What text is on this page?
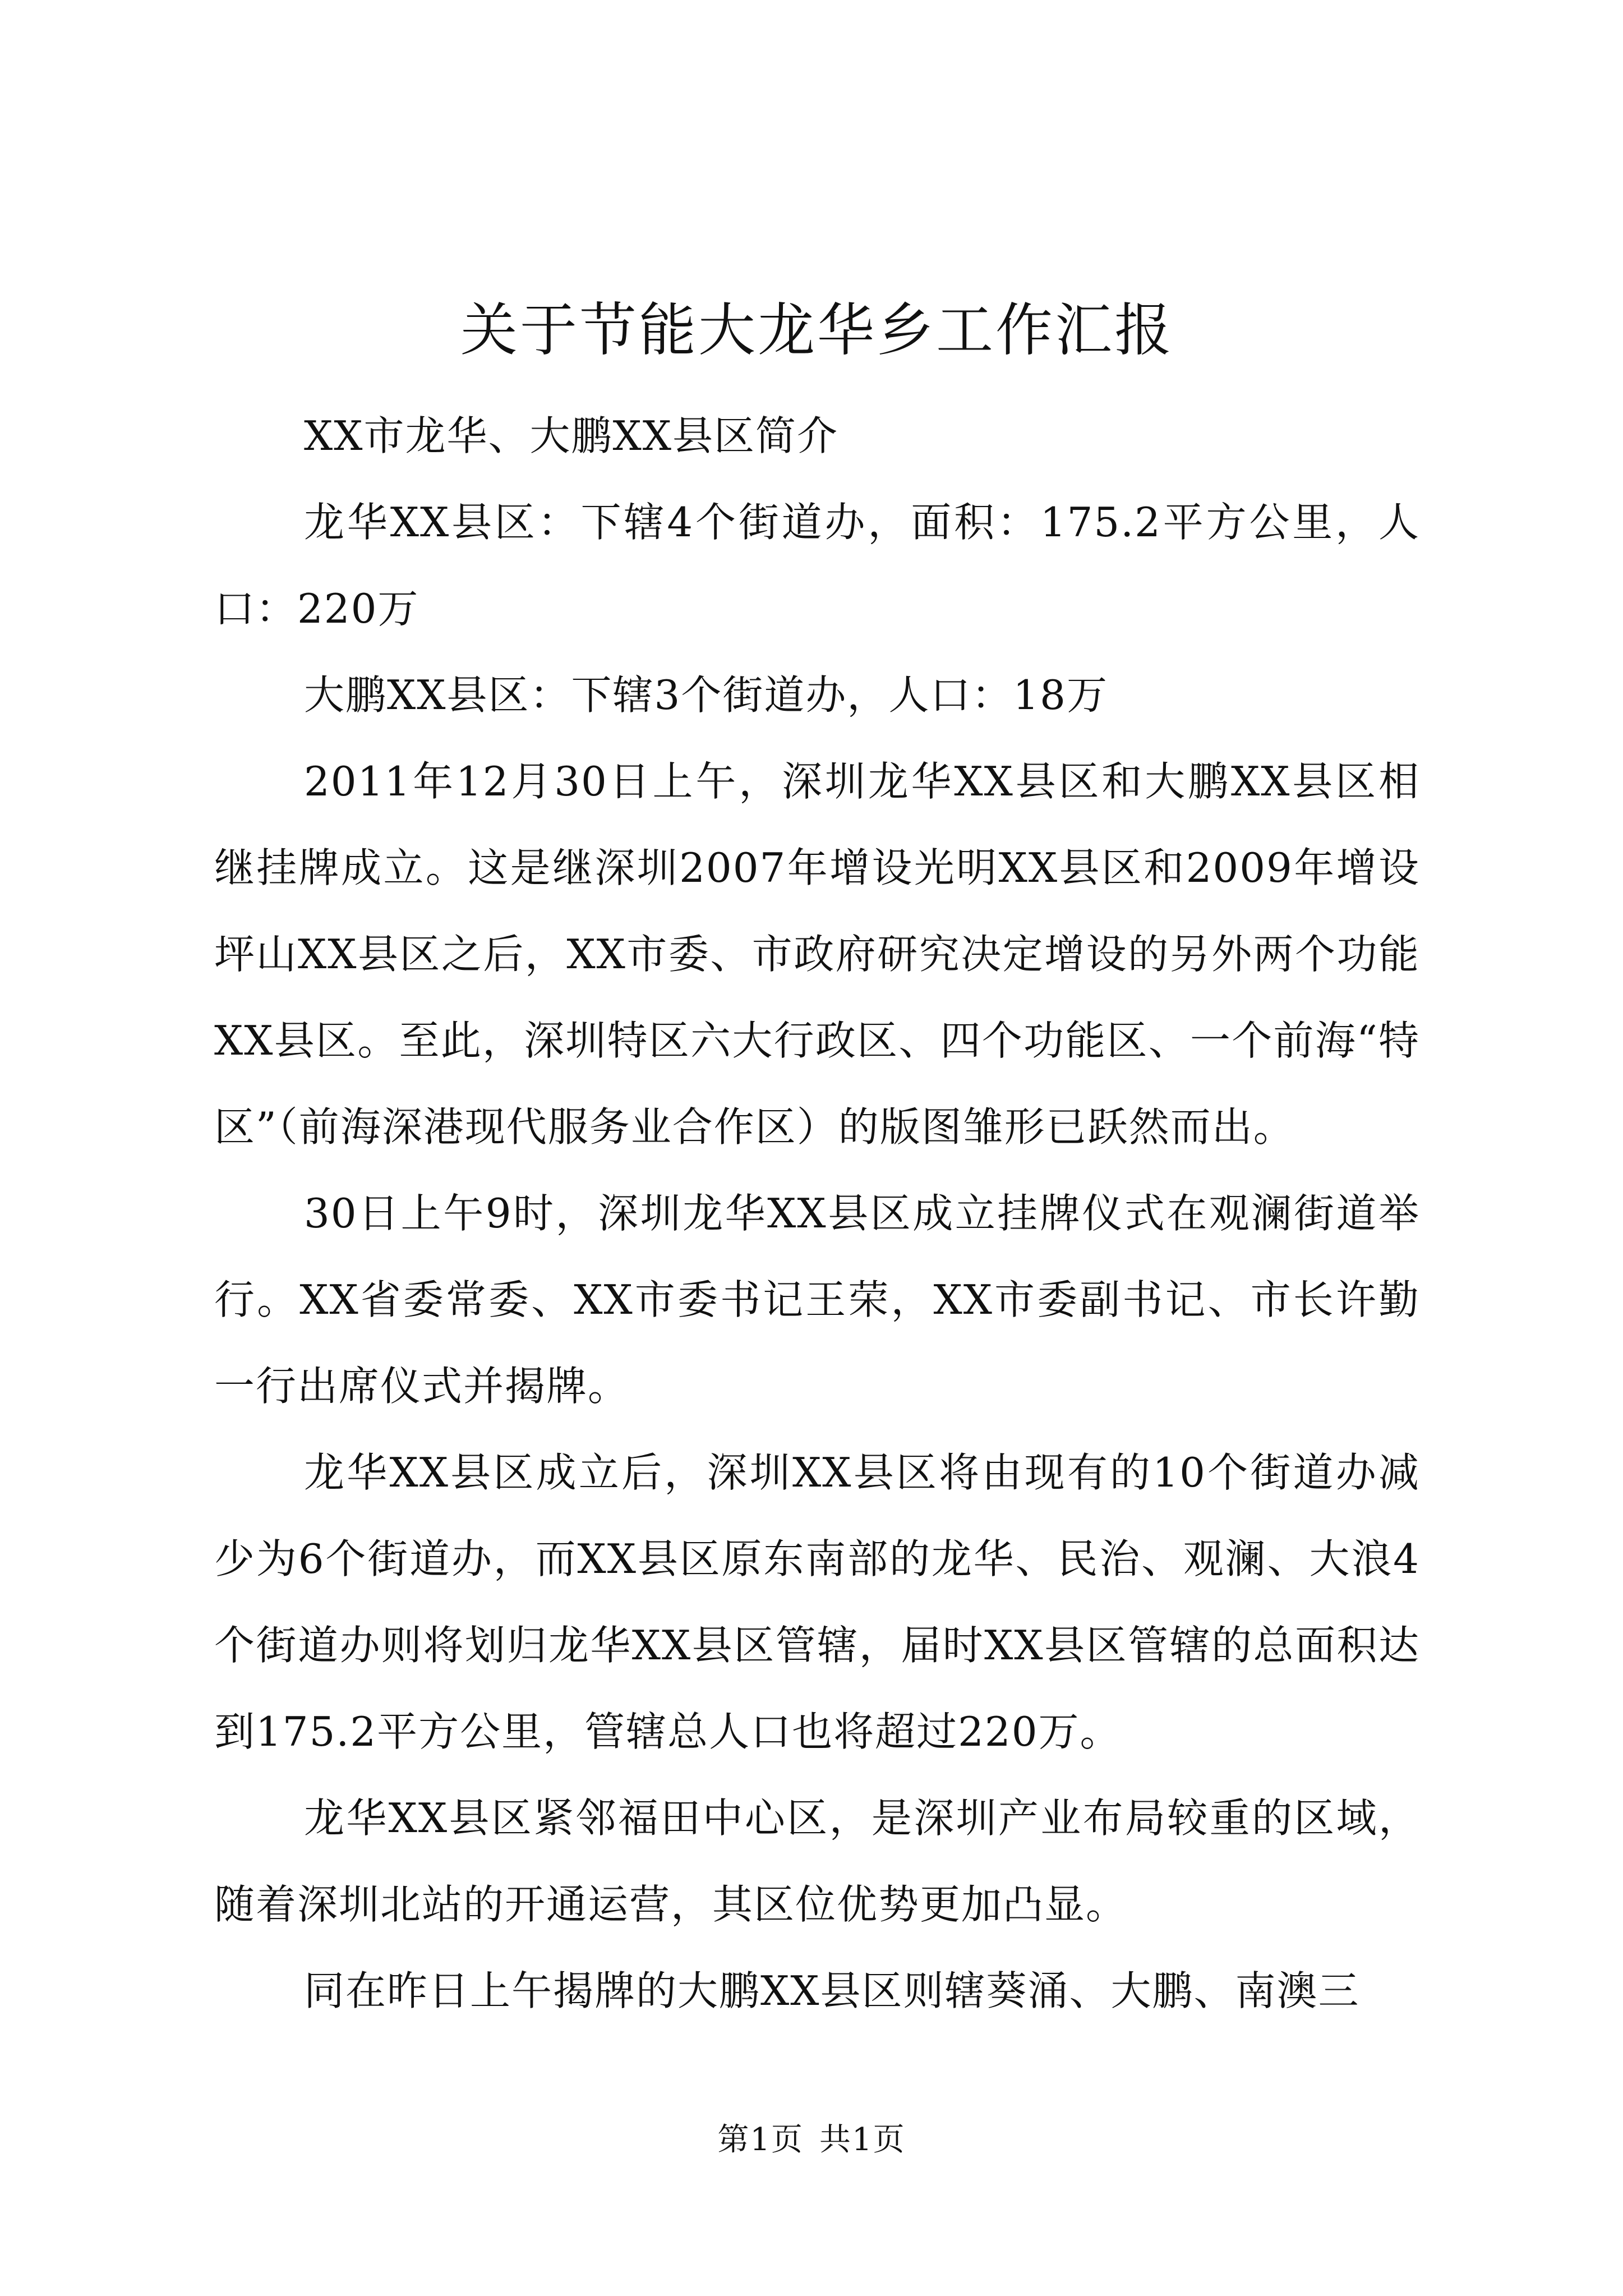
关于节能大龙华乡工作汇报

XX市龙华、大鹏XX县区简介

龙华XX县区：下辖4个街道办，面积：175.2平方公里，人口：220万

大鹏XX县区：下辖3个街道办，人口：18万

2011年12月30日上午，深圳龙华XX县区和大鹏XX县区相继挂牌成立。这是继深圳2007年增设光明XX县区和2009年增设坪山XX县区之后，XX市委、市政府研究决定增设的另外两个功能XX县区。至此，深圳特区六大行政区、四个功能区、一个前海“特区”（前海深港现代服务业合作区）的版图雏形已跃然而出。

30日上午9时，深圳龙华XX县区成立挂牌仪式在观澜街道举行。XX省委常委、XX市委书记王荣，XX市委副书记、市长许勤一行出席仪式并揭牌。

龙华XX县区成立后，深圳XX县区将由现有的10个街道办减少为6个街道办，而XX县区原东南部的龙华、民治、观澜、大浪4个街道办则将划归龙华XX县区管辖，届时XX县区管辖的总面积达到175.2平方公里，管辖总人口也将超过220万。

龙华XX县区紧邻福田中心区，是深圳产业布局较重的区域，随着深圳北站的开通运营，其区位优势更加凸显。

同在昨日上午揭牌的大鹏XX县区则辖葵涌、大鹏、南澳三

第1页 共1页
